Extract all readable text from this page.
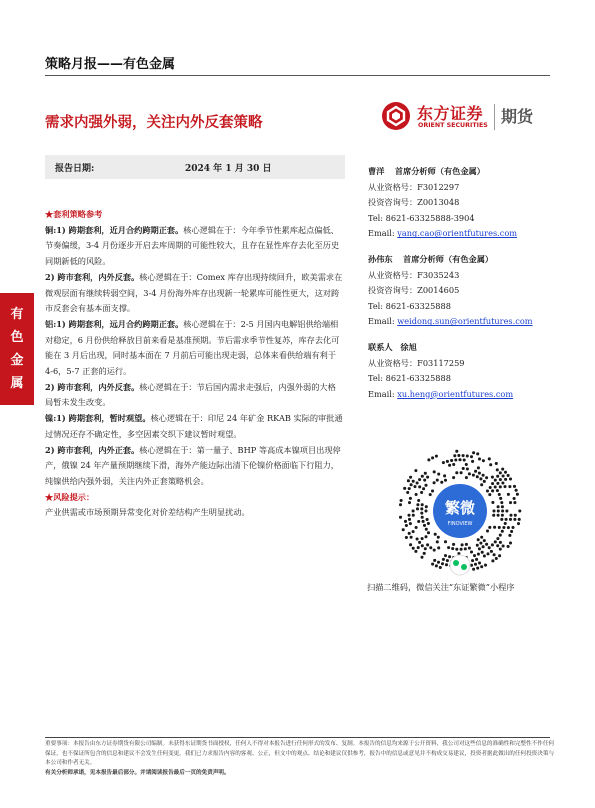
策略月报——有色金属
需求内强外弱，关注内外反套策略	东方证券
ORIENT SECURITIES 期货
报告日期:	2024 年 1 月 30 日
有
色
金
属

★套利策略参考

铜:1) 跨期套利，近月合约跨期正套。核心逻辑在于：今年季节性累库起点偏低、节奏偏缓，3-4 月份逐步开启去库周期的可能性较大，且存在显性库存去化至历史同期新低的风险。

2) 跨市套利，内外反套。核心逻辑在于：Comex 库存出现持续回升，欧美需求在微观层面有继续转弱空间，3-4 月份海外库存出现新一轮累库可能性更大，这对跨市反套会有基本面支撑。

铝:1) 跨期套利，远月合约跨期正套。核心逻辑在于：2-5 月国内电解铝供给端相对稳定，6 月份供给释放目前来看是基准预期。节后需求季节性复苏，库存去化可能在 3 月后出现，同时基本面在 7 月前后可能出现走弱，总体来看供给端有利于 4-6，5-7 正套的运行。

2) 跨市套利，内外反套。核心逻辑在于：节后国内需求走强后，内强外弱的大格局暂未发生改变。

镍:1) 跨期套利，暂时观望。核心逻辑在于：印尼 24 年矿金 RKAB 实际的审批通过情况还存不确定性，多空因素交织下建议暂时观望。

2) 跨市套利，内外正套。核心逻辑在于：第一量子、BHP 等高成本镍项目出现停产，俄镍 24 年产量预期继续下滑，海外产能边际出清下伦镍价格面临下行阻力，纯镍供给内强外弱，关注内外正套策略机会。

★风险提示：

产业供需或市场预期异常变化对价差结构产生明显扰动。

曹洋 首席分析师（有色金属）

从业资格号：F3012297

投资咨询号：Z0013048

Tel: 8621-63325888-3904

Email: yang.cao@orientfutures.com

孙伟东 首席分析师（有色金属）

从业资格号：F3035243

投资咨询号：Z0014605

Tel: 8621-63325888

Email: weidong.sun@orientfutures.com

联系人 徐旭

从业资格号：F03117259

Tel: 8621-63325888

Email: xu.heng@orientfutures.com

繁微
FINOVIEW
扫描二维码，微信关注“东证繁微”小程序

重要事项：本报告由东方证券期货有限公司编制。未获得东证期货书面授权，任何人不得对本报告进行任何形式的发布、复制。本报告的信息均来源于公开资料，我公司对这些信息的准确性和完整性不作任何保证，也不保证所包含的信息和建议不会发生任何变更。我们已力求报告内容的客观、公正，但文中的观点、结论和建议仅供参考，报告中的信息或意见并不构成交易建议，投资者据此做出的任何投资决策与本公司和作者无关。

有关分析师承诺，见本报告最后部分。并请阅读报告最后一页的免责声明。
